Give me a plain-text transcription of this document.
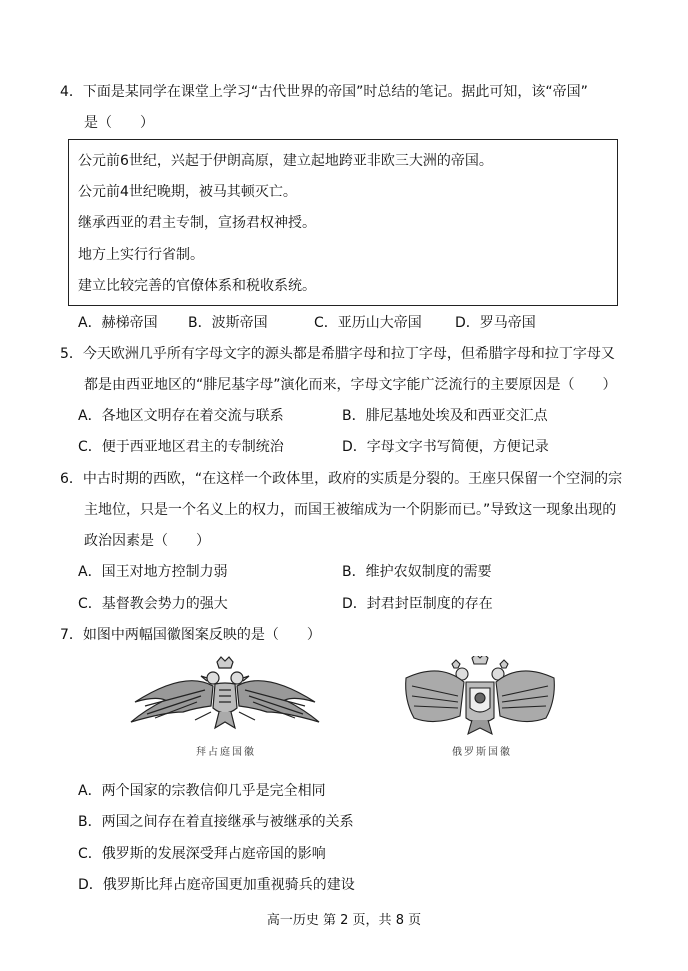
4．下面是某同学在课堂上学习“古代世界的帝国”时总结的笔记。据此可知，该“帝国”
是（　　）
公元前6世纪，兴起于伊朗高原，建立起地跨亚非欧三大洲的帝国。
公元前4世纪晚期，被马其顿灭亡。
继承西亚的君主专制，宣扬君权神授。
地方上实行行省制。
建立比较完善的官僚体系和税收系统。
A．赫梯帝国 B．波斯帝国	C．亚历山大帝国 D．罗马帝国
5．今天欧洲几乎所有字母文字的源头都是希腊字母和拉丁字母，但希腊字母和拉丁字母又
都是由西亚地区的“腓尼基字母”演化而来，字母文字能广泛流行的主要原因是（　　）
A．各地区文明存在着交流与联系	B．腓尼基地处埃及和西亚交汇点
C．便于西亚地区君主的专制统治	D．字母文字书写简便，方便记录
6．中古时期的西欧，“在这样一个政体里，政府的实质是分裂的。王座只保留一个空洞的宗
主地位，只是一个名义上的权力，而国王被缩成为一个阴影而已。”导致这一现象出现的
政治因素是（　　）
A．国王对地方控制力弱	B．维护农奴制度的需要
C．基督教会势力的强大	D．封君封臣制度的存在
7．如图中两幅国徽图案反映的是（　　）
拜占庭国徽	俄罗斯国徽
A．两个国家的宗教信仰几乎是完全相同
B．两国之间存在着直接继承与被继承的关系
C．俄罗斯的发展深受拜占庭帝国的影响
D．俄罗斯比拜占庭帝国更加重视骑兵的建设
高一历史 第 2 页，共 8 页
